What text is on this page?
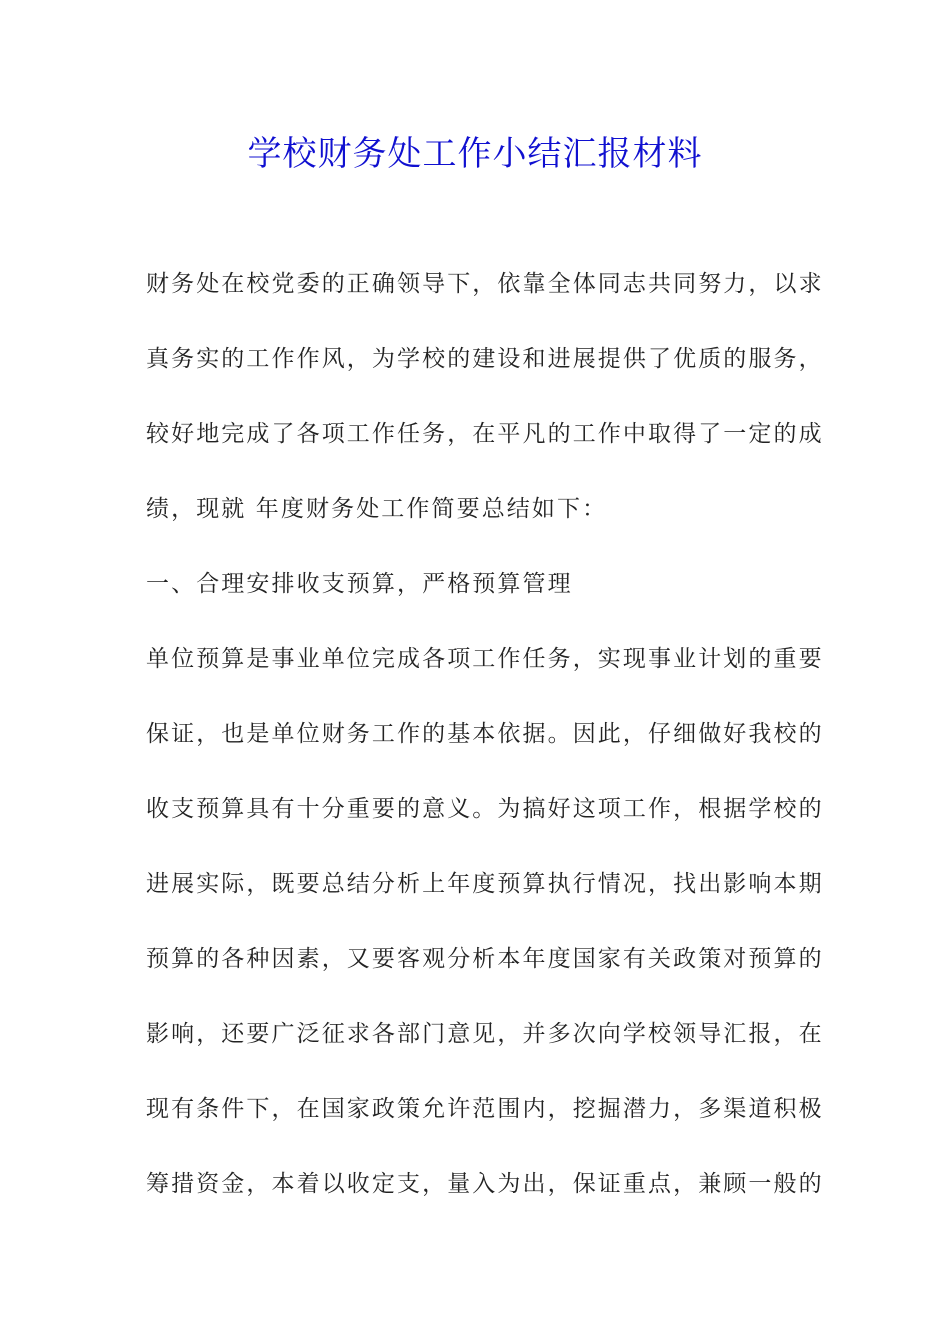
学校财务处工作小结汇报材料

财务处在校党委的正确领导下，依靠全体同志共同努力，以求

真务实的工作作风，为学校的建设和进展提供了优质的服务，

较好地完成了各项工作任务，在平凡的工作中取得了一定的成

绩，现就 年度财务处工作简要总结如下：

一、合理安排收支预算，严格预算管理

单位预算是事业单位完成各项工作任务，实现事业计划的重要

保证，也是单位财务工作的基本依据。因此，仔细做好我校的

收支预算具有十分重要的意义。为搞好这项工作，根据学校的

进展实际，既要总结分析上年度预算执行情况，找出影响本期

预算的各种因素，又要客观分析本年度国家有关政策对预算的

影响，还要广泛征求各部门意见，并多次向学校领导汇报，在

现有条件下，在国家政策允许范围内，挖掘潜力，多渠道积极

筹措资金，本着以收定支，量入为出，保证重点，兼顾一般的
